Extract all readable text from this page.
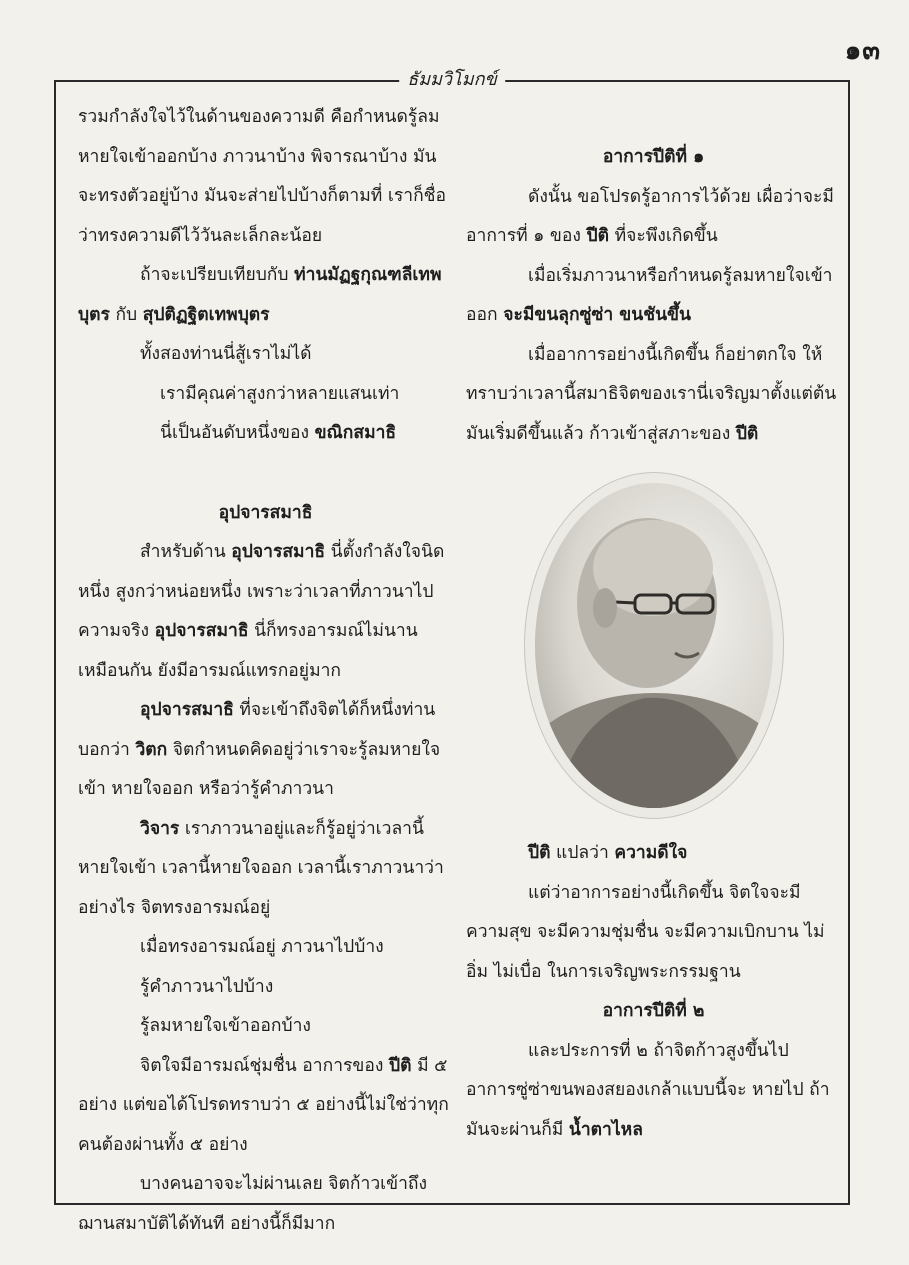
๑๓
ธัมมวิโมกข์

รวมกำลังใจไว้ในด้านของความดี คือกำหนดรู้ลมหายใจเข้าออกบ้าง ภาวนาบ้าง พิจารณาบ้าง มันจะทรงตัวอยู่บ้าง มันจะส่ายไปบ้างก็ตามที่ เราก็ชื่อว่าทรงความดีไว้วันละเล็กละน้อย

ถ้าจะเปรียบเทียบกับ ท่านมัฏฐกุณฑลีเทพบุตร กับ สุปติฏฐิตเทพบุตร

ทั้งสองท่านนี่สู้เราไม่ได้

เรามีคุณค่าสูงกว่าหลายแสนเท่า

นี่เป็นอันดับหนึ่งของ ขณิกสมาธิ

อุปจารสมาธิ

สำหรับด้าน อุปจารสมาธิ นี่ตั้งกำลังใจนิดหนึ่ง สูงกว่าหน่อยหนึ่ง เพราะว่าเวลาที่ภาวนาไป ความจริง อุปจารสมาธิ นี่ก็ทรงอารมณ์ไม่นานเหมือนกัน ยังมีอารมณ์แทรกอยู่มาก

อุปจารสมาธิ ที่จะเข้าถึงจิตได้ก็หนึ่งท่านบอกว่า วิตก จิตกำหนดคิดอยู่ว่าเราจะรู้ลมหายใจเข้า หายใจออก หรือว่ารู้คำภาวนา

วิจาร เราภาวนาอยู่และก็รู้อยู่ว่าเวลานี้หายใจเข้า เวลานี้หายใจออก เวลานี้เราภาวนาว่าอย่างไร จิตทรงอารมณ์อยู่

เมื่อทรงอารมณ์อยู่ ภาวนาไปบ้าง

รู้คำภาวนาไปบ้าง

รู้ลมหายใจเข้าออกบ้าง

จิตใจมีอารมณ์ชุ่มชื่น อาการของ ปีติ มี ๕ อย่าง แต่ขอได้โปรดทราบว่า ๕ อย่างนี้ไม่ใช่ว่าทุกคนต้องผ่านทั้ง ๕ อย่าง

บางคนอาจจะไม่ผ่านเลย จิตก้าวเข้าถึงฌานสมาบัติได้ทันที อย่างนี้ก็มีมาก

อาการปีติที่ ๑

ดังนั้น ขอโปรดรู้อาการไว้ด้วย เผื่อว่าจะมีอาการที่ ๑ ของ ปีติ ที่จะพึงเกิดขึ้น

เมื่อเริ่มภาวนาหรือกำหนดรู้ลมหายใจเข้าออก จะมีขนลุกซู่ซ่า ขนชันขึ้น

เมื่ออาการอย่างนี้เกิดขึ้น ก็อย่าตกใจ ให้ทราบว่าเวลานี้สมาธิจิตของเรานี่เจริญมาตั้งแต่ต้น มันเริ่มดีขึ้นแล้ว ก้าวเข้าสู่สภาะของ ปีติ

ปีติ แปลว่า ความดีใจ

แต่ว่าอาการอย่างนี้เกิดขึ้น จิตใจจะมีความสุข จะมีความชุ่มชื่น จะมีความเบิกบาน ไม่อิ่ม ไม่เบื่อ ในการเจริญพระกรรมฐาน

อาการปีติที่ ๒

และประการที่ ๒ ถ้าจิตก้าวสูงขึ้นไป อาการซู่ซ่าขนพองสยองเกล้าแบบนี้จะ หายไป ถ้ามันจะผ่านก็มี น้ำตาไหล
